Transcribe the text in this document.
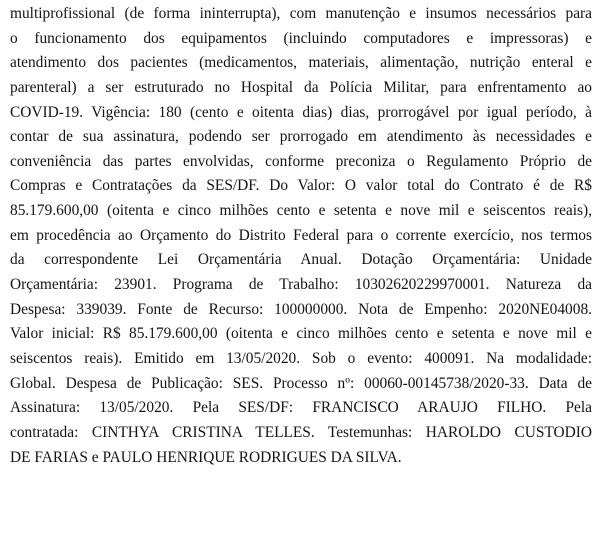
multiprofissional (de forma ininterrupta), com manutenção e insumos necessários para
o funcionamento dos equipamentos (incluindo computadores e impressoras) e
atendimento dos pacientes (medicamentos, materiais, alimentação, nutrição enteral e
parenteral) a ser estruturado no Hospital da Polícia Militar, para enfrentamento ao
COVID-19. Vigência: 180 (cento e oitenta dias) dias, prorrogável por igual período, à
contar de sua assinatura, podendo ser prorrogado em atendimento às necessidades e
conveniência das partes envolvidas, conforme preconiza o Regulamento Próprio de
Compras e Contratações da SES/DF. Do Valor: O valor total do Contrato é de R$
85.179.600,00 (oitenta e cinco milhões cento e setenta e nove mil e seiscentos reais),
em procedência ao Orçamento do Distrito Federal para o corrente exercício, nos termos
da correspondente Lei Orçamentária Anual. Dotação Orçamentária: Unidade
Orçamentária: 23901. Programa de Trabalho: 10302620229970001. Natureza da
Despesa: 339039. Fonte de Recurso: 100000000. Nota de Empenho: 2020NE04008.
Valor inicial: R$ 85.179.600,00 (oitenta e cinco milhões cento e setenta e nove mil e
seiscentos reais). Emitido em 13/05/2020. Sob o evento: 400091. Na modalidade:
Global. Despesa de Publicação: SES. Processo nº: 00060-00145738/2020-33. Data de
Assinatura: 13/05/2020. Pela SES/DF: FRANCISCO ARAUJO FILHO. Pela
contratada: CINTHYA CRISTINA TELLES. Testemunhas: HAROLDO CUSTODIO
DE FARIAS e PAULO HENRIQUE RODRIGUES DA SILVA.
